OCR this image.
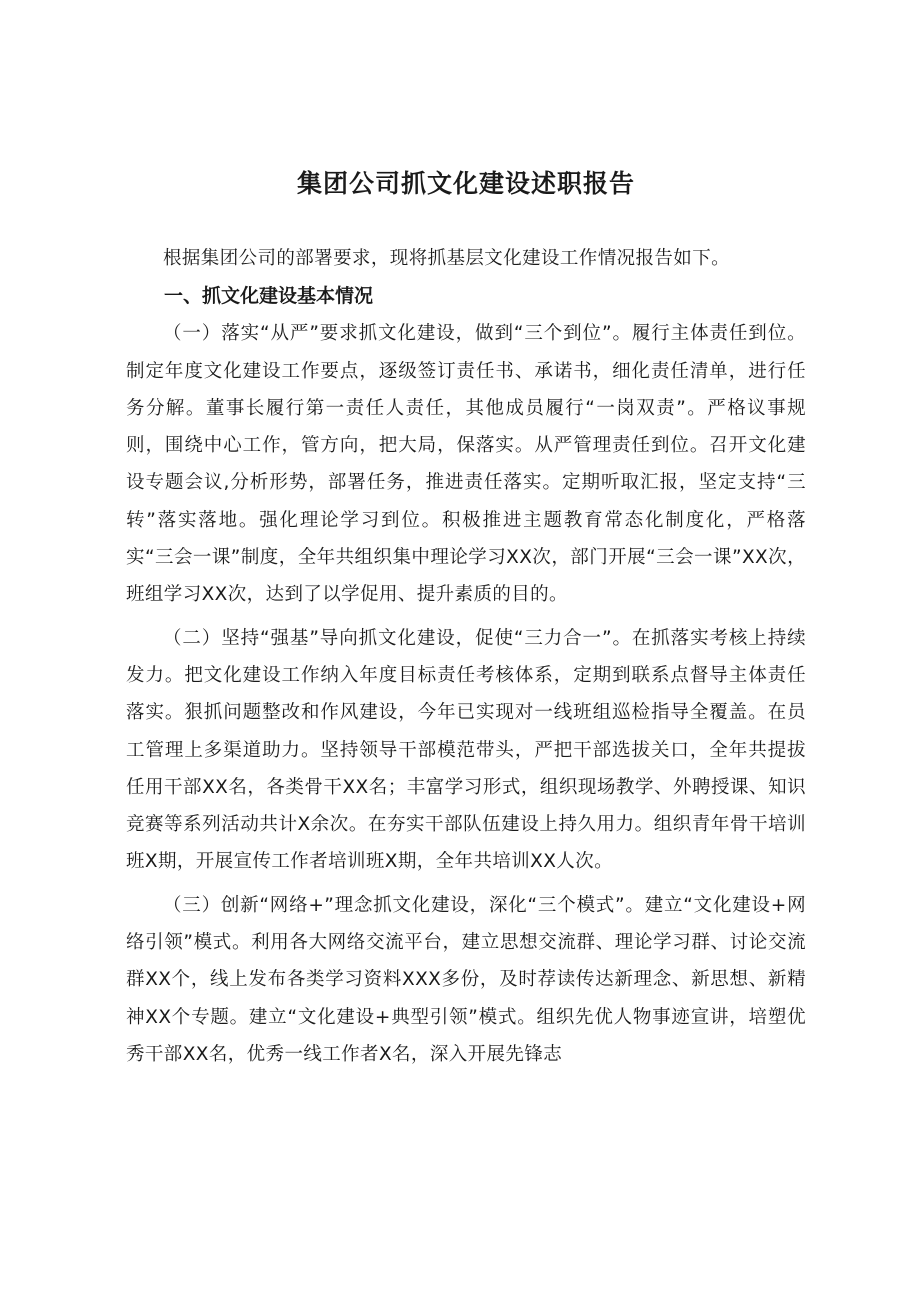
集团公司抓文化建设述职报告

根据集团公司的部署要求，现将抓基层文化建设工作情况报告如下。

一、抓文化建设基本情况

（一）落实“从严”要求抓文化建设，做到“三个到位”。履行主体责任到位。制定年度文化建设工作要点，逐级签订责任书、承诺书，细化责任清单，进行任务分解。董事长履行第一责任人责任，其他成员履行“一岗双责”。严格议事规则，围绕中心工作，管方向，把大局，保落实。从严管理责任到位。召开文化建设专题会议,分析形势，部署任务，推进责任落实。定期听取汇报，坚定支持“三转”落实落地。强化理论学习到位。积极推进主题教育常态化制度化，严格落实“三会一课”制度，全年共组织集中理论学习XX次，部门开展“三会一课”XX次，班组学习XX次，达到了以学促用、提升素质的目的。

（二）坚持“强基”导向抓文化建设，促使“三力合一”。在抓落实考核上持续发力。把文化建设工作纳入年度目标责任考核体系，定期到联系点督导主体责任落实。狠抓问题整改和作风建设，今年已实现对一线班组巡检指导全覆盖。在员工管理上多渠道助力。坚持领导干部模范带头，严把干部选拔关口，全年共提拔任用干部XX名，各类骨干XX名；丰富学习形式，组织现场教学、外聘授课、知识竞赛等系列活动共计X余次。在夯实干部队伍建设上持久用力。组织青年骨干培训班X期，开展宣传工作者培训班X期，全年共培训XX人次。

（三）创新“网络+”理念抓文化建设，深化“三个模式”。建立“文化建设+网络引领”模式。利用各大网络交流平台，建立思想交流群、理论学习群、讨论交流群XX个，线上发布各类学习资料XXX多份，及时荐读传达新理念、新思想、新精神XX个专题。建立“文化建设+典型引领”模式。组织先优人物事迹宣讲，培塑优秀干部XX名，优秀一线工作者X名，深入开展先锋志
